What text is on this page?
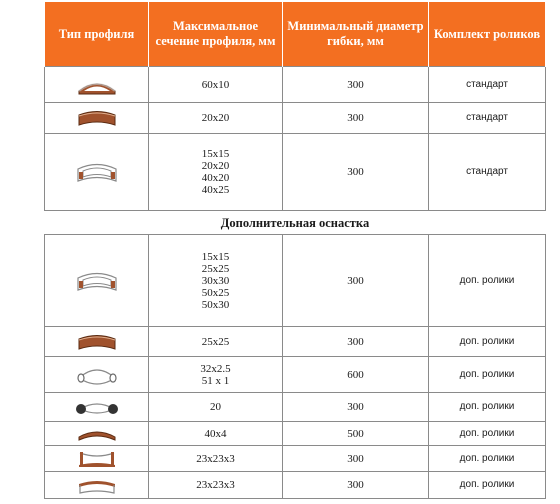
Тип профиля	Максимальное сечение профиля, мм	Минимальный диаметр гибки, мм	Комплект роликов

60x10	300	стандарт

20x20	300	стандарт

15x15
20x20
40x20
40x25	300	стандарт
Дополнительная оснастка			

15x15
25x25
30x30
50x25
50x30	300	доп. ролики

25x25	300	доп. ролики

32x2.5
51 x 1	600	доп. ролики

20	300	доп. ролики

40x4	500	доп. ролики

23x23x3	300	доп. ролики

23x23x3	300	доп. ролики
